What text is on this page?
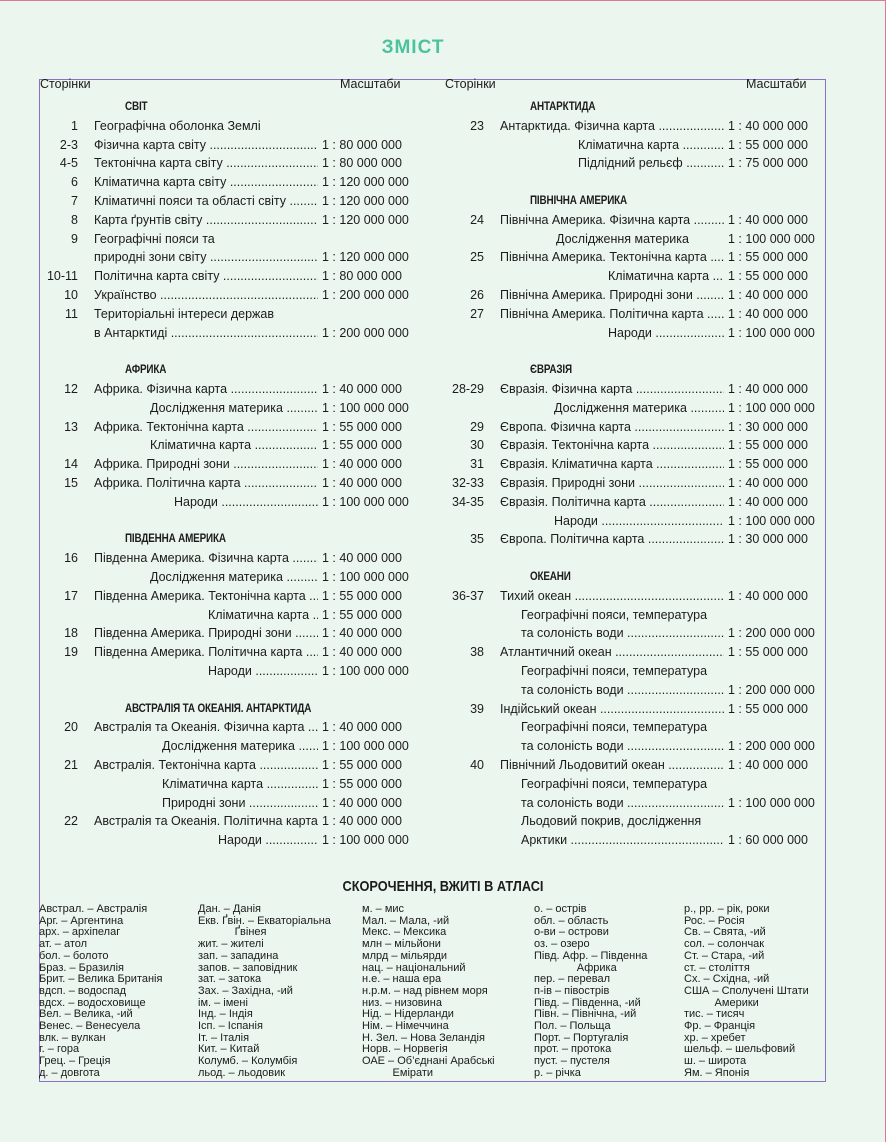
ЗМІСТ
Сторінки	Масштаби	Сторінки	Масштаби
СВІТ
1 Географічна оболонка Землі
2-3 Фізична карта світу .....	1 : 80 000 000
4-5 Тектонічна карта світу .....	1 : 80 000 000
6 Кліматична карта світу .....	1 : 120 000 000
7 Кліматичні пояси та області світу .....	1 : 120 000 000
8 Карта ґрунтів світу .....	1 : 120 000 000
9 Географічні пояси та
природні зони світу .....	1 : 120 000 000
10-11 Політична карта світу .....	1 : 80 000 000
10 Українство .....	1 : 200 000 000
11 Територіальні інтереси держав
в Антарктиді .....	1 : 200 000 000
АФРИКА
12 Африка. Фізична карта .....	1 : 40 000 000
Дослідження материка .....	1 : 100 000 000
13 Африка. Тектонічна карта .....	1 : 55 000 000
Кліматична карта .....	1 : 55 000 000
14 Африка. Природні зони .....	1 : 40 000 000
15 Африка. Політична карта .....	1 : 40 000 000
Народи .....	1 : 100 000 000
ПІВДЕННА АМЕРИКА
16 Південна Америка. Фізична карта .....	1 : 40 000 000
Дослідження материка .....	1 : 100 000 000
17 Південна Америка. Тектонічна карта .....	1 : 55 000 000
Кліматична карта .....	1 : 55 000 000
18 Південна Америка. Природні зони .....	1 : 40 000 000
19 Південна Америка. Політична карта .....	1 : 40 000 000
Народи .....	1 : 100 000 000
АВСТРАЛІЯ ТА ОКЕАНІЯ. АНТАРКТИДА
20 Австралія та Океанія. Фізична карта .....	1 : 40 000 000
Дослідження материка .....	1 : 100 000 000
21 Австралія. Тектонічна карта .....	1 : 55 000 000
Кліматична карта .....	1 : 55 000 000
Природні зони .....	1 : 40 000 000
22 Австралія та Океанія. Політична карта ..... 1 : 40 000 000
Народи .....	1 : 100 000 000
АНТАРКТИДА
23 Антарктида. Фізична карта .....	1 : 40 000 000
Кліматична карта .....	1 : 55 000 000
Підлідний рельєф .....	1 : 75 000 000
ПІВНІЧНА АМЕРИКА
24 Північна Америка. Фізична карта .....	1 : 40 000 000
Дослідження материка	1 : 100 000 000
25 Північна Америка. Тектонічна карта .....	1 : 55 000 000
Кліматична карта .....	1 : 55 000 000
26 Північна Америка. Природні зони .....	1 : 40 000 000
27 Північна Америка. Політична карта .....	1 : 40 000 000
Народи .....	1 : 100 000 000
ЄВРАЗІЯ
28-29 Євразія. Фізична карта .....	1 : 40 000 000
Дослідження материка .....	1 : 100 000 000
29 Європа. Фізична карта .....	1 : 30 000 000
30 Євразія. Тектонічна карта .....	1 : 55 000 000
31 Євразія. Кліматична карта .....	1 : 55 000 000
32-33 Євразія. Природні зони .....	1 : 40 000 000
34-35 Євразія. Політична карта .....	1 : 40 000 000
Народи .....	1 : 100 000 000
35 Європа. Політична карта .....	1 : 30 000 000
ОКЕАНИ
36-37 Тихий океан .....	1 : 40 000 000
Географічні пояси, температура
та солоність води .....	1 : 200 000 000
38 Атлантичний океан .....	1 : 55 000 000
Географічні пояси, температура
та солоність води .....	1 : 200 000 000
39 Індійський океан .....	1 : 55 000 000
Географічні пояси, температура
та солоність води .....	1 : 200 000 000
40 Північний Льодовитий океан .....	1 : 40 000 000
Географічні пояси, температура
та солоність води .....	1 : 100 000 000
Льодовий покрив, дослідження
Арктики .....	1 : 60 000 000
СКОРОЧЕННЯ, ВЖИТІ В АТЛАСІ
Австрал. – Австралія
Арг. – Аргентина
арх. – архіпелаг
ат. – атол
бол. – болото
Браз. – Бразилія
Брит. – Велика Британія
вдсп. – водоспад
вдсх. – водосховище
Вел. – Велика, -ий
Венес. – Венесуела
влк. – вулкан
г. – гора
Грец. – Греція
д. – довгота
Дан. – Данія
Екв. Ґвін. – Екваторіальна
Ґвінея
жит. – жителі
зап. – западина
запов. – заповідник
зат. – затока
Зах. – Західна, -ий
ім. – імені
Інд. – Індія
Ісп. – Іспанія
Іт. – Італія
Кит. – Китай
Колумб. – Колумбія
льод. – льодовик
м. – мис
Мал. – Мала, -ий
Мекс. – Мексика
млн – мільйони
млрд – мільярди
нац. – національний
н.е. – наша ера
н.р.м. – над рівнем моря
низ. – низовина
Нід. – Нідерланди
Нім. – Німеччина
Н. Зел. – Нова Зеландія
Норв. – Норвегія
ОАЕ – Об’єднані Арабські
Емірати
о. – острів
обл. – область
о-ви – острови
оз. – озеро
Півд. Афр. – Південна
Африка
пер. – перевал
п-ів – півострів
Півд. – Південна, -ий
Півн. – Північна, -ий
Пол. – Польща
Порт. – Португалія
прот. – протока
пуст. – пустеля
р. – річка
р., рр. – рік, роки
Рос. – Росія
Св. – Свята, -ий
сол. – солончак
Ст. – Стара, -ий
ст. – століття
Сх. – Східна, -ий
США – Сполучені Штати
Америки
тис. – тисяч
Фр. – Франція
хр. – хребет
шельф. – шельфовий
ш. – широта
Ям. – Японія
